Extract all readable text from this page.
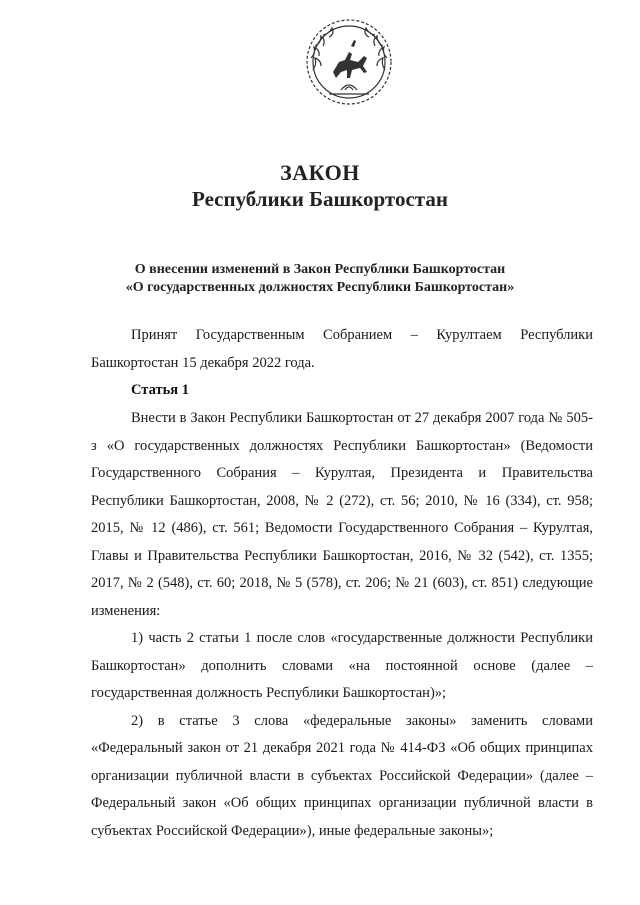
ЗАКОН
Республики Башкортостан
О внесении изменений в Закон Республики Башкортостан
«О государственных должностях Республики Башкортостан»

Принят Государственным Собранием – Курултаем Республики Башкортостан 15 декабря 2022 года.

Статья 1

Внести в Закон Республики Башкортостан от 27 декабря 2007 года № 505-з «О государственных должностях Республики Башкортостан» (Ведомости Государственного Собрания – Курултая, Президента и Правительства Республики Башкортостан, 2008, № 2 (272), ст. 56; 2010, № 16 (334), ст. 958; 2015, № 12 (486), ст. 561; Ведомости Государственного Собрания – Курултая, Главы и Правительства Республики Башкортостан, 2016, № 32 (542), ст. 1355; 2017, № 2 (548), ст. 60; 2018, № 5 (578), ст. 206; № 21 (603), ст. 851) следующие изменения:

1) часть 2 статьи 1 после слов «государственные должности Республики Башкортостан» дополнить словами «на постоянной основе (далее – государственная должность Республики Башкортостан)»;

2) в статье 3 слова «федеральные законы» заменить словами «Федеральный закон от 21 декабря 2021 года № 414-ФЗ «Об общих принципах организации публичной власти в субъектах Российской Федерации» (далее – Федеральный закон «Об общих принципах организации публичной власти в субъектах Российской Федерации»), иные федеральные законы»;
